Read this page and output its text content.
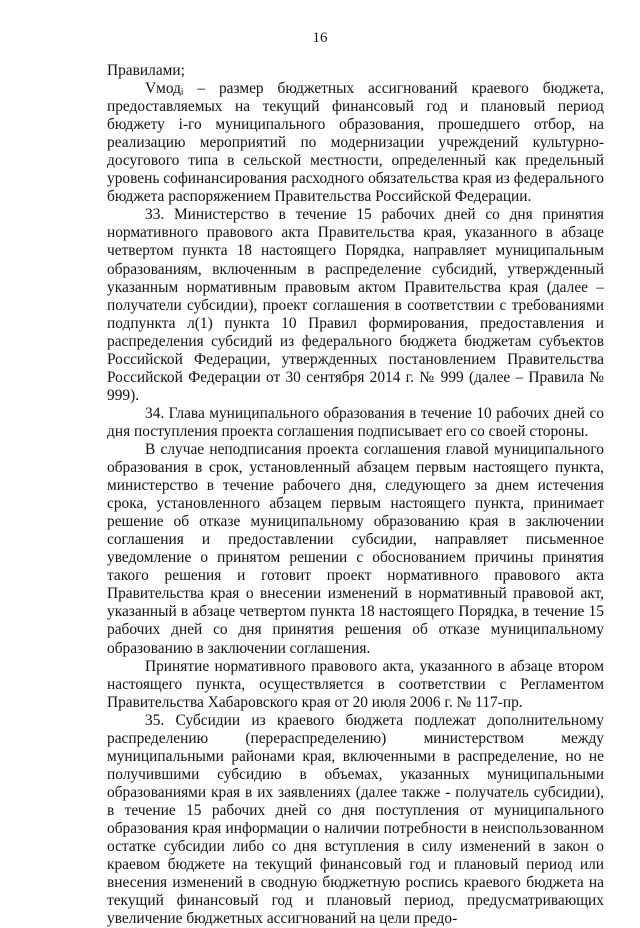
16

Правилами;

Vмодᵢ – размер бюджетных ассигнований краевого бюджета, предоставляемых на текущий финансовый год и плановый период бюджету i-го муниципального образования, прошедшего отбор, на реализацию мероприятий по модернизации учреждений культурно-досугового типа в сельской местности, определенный как предельный уровень софинансирования расходного обязательства края из федерального бюджета распоряжением Правительства Российской Федерации.

33. Министерство в течение 15 рабочих дней со дня принятия нормативного правового акта Правительства края, указанного в абзаце четвертом пункта 18 настоящего Порядка, направляет муниципальным образованиям, включенным в распределение субсидий, утвержденный указанным нормативным правовым актом Правительства края (далее – получатели субсидии), проект соглашения в соответствии с требованиями подпункта л(1) пункта 10 Правил формирования, предоставления и распределения субсидий из федерального бюджета бюджетам субъектов Российской Федерации, утвержденных постановлением Правительства Российской Федерации от 30 сентября 2014 г. № 999 (далее – Правила № 999).

34. Глава муниципального образования в течение 10 рабочих дней со дня поступления проекта соглашения подписывает его со своей стороны.

В случае неподписания проекта соглашения главой муниципального образования в срок, установленный абзацем первым настоящего пункта, министерство в течение рабочего дня, следующего за днем истечения срока, установленного абзацем первым настоящего пункта, принимает решение об отказе муниципальному образованию края в заключении соглашения и предоставлении субсидии, направляет письменное уведомление о принятом решении с обоснованием причины принятия такого решения и готовит проект нормативного правового акта Правительства края о внесении изменений в нормативный правовой акт, указанный в абзаце четвертом пункта 18 настоящего Порядка, в течение 15 рабочих дней со дня принятия решения об отказе муниципальному образованию в заключении соглашения.

Принятие нормативного правового акта, указанного в абзаце втором настоящего пункта, осуществляется в соответствии с Регламентом Правительства Хабаровского края от 20 июля 2006 г. № 117-пр.

35. Субсидии из краевого бюджета подлежат дополнительному распределению (перераспределению) министерством между муниципальными районами края, включенными в распределение, но не получившими субсидию в объемах, указанных муниципальными образованиями края в их заявлениях (далее также - получатель субсидии), в течение 15 рабочих дней со дня поступления от муниципального образования края информации о наличии потребности в неиспользованном остатке субсидии либо со дня вступления в силу изменений в закон о краевом бюджете на текущий финансовый год и плановый период или внесения изменений в сводную бюджетную роспись краевого бюджета на текущий финансовый год и плановый период, предусматривающих увеличение бюджетных ассигнований на цели предо-
